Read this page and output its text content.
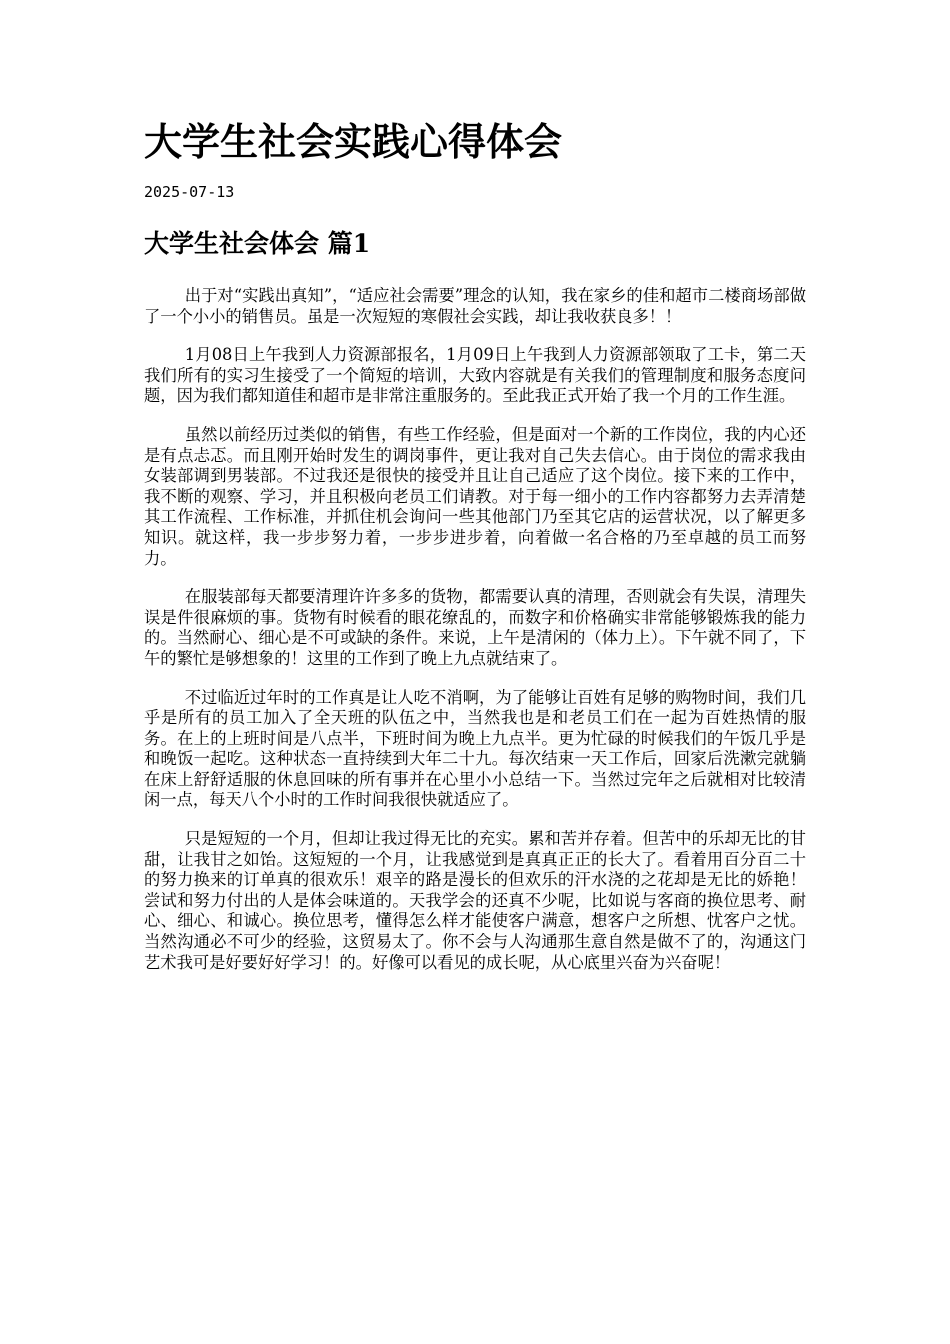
大学生社会实践心得体会
2025-07-13
大学生社会体会 篇1

出于对“实践出真知”，“适应社会需要”理念的认知，我在家乡的佳和超市二楼商场部做了一个小小的销售员。虽是一次短短的寒假社会实践，却让我收获良多！！

1月08日上午我到人力资源部报名，1月09日上午我到人力资源部领取了工卡，第二天我们所有的实习生接受了一个简短的培训，大致内容就是有关我们的管理制度和服务态度问题，因为我们都知道佳和超市是非常注重服务的。至此我正式开始了我一个月的工作生涯。

虽然以前经历过类似的销售，有些工作经验，但是面对一个新的工作岗位，我的内心还是有点忐忑。而且刚开始时发生的调岗事件，更让我对自己失去信心。由于岗位的需求我由女装部调到男装部。不过我还是很快的接受并且让自己适应了这个岗位。接下来的工作中，我不断的观察、学习，并且积极向老员工们请教。对于每一细小的工作内容都努力去弄清楚其工作流程、工作标准，并抓住机会询问一些其他部门乃至其它店的运营状况，以了解更多知识。就这样，我一步步努力着，一步步进步着，向着做一名合格的乃至卓越的员工而努力。

在服装部每天都要清理许许多多的货物，都需要认真的清理，否则就会有失误，清理失误是件很麻烦的事。货物有时候看的眼花缭乱的，而数字和价格确实非常能够锻炼我的能力的。当然耐心、细心是不可或缺的条件。来说，上午是清闲的（体力上）。下午就不同了，下午的繁忙是够想象的！这里的工作到了晚上九点就结束了。

不过临近过年时的工作真是让人吃不消啊，为了能够让百姓有足够的购物时间，我们几乎是所有的员工加入了全天班的队伍之中，当然我也是和老员工们在一起为百姓热情的服务。在上的上班时间是八点半，下班时间为晚上九点半。更为忙碌的时候我们的午饭几乎是和晚饭一起吃。这种状态一直持续到大年二十九。每次结束一天工作后，回家后洗漱完就躺在床上舒舒适服的休息回味的所有事并在心里小小总结一下。当然过完年之后就相对比较清闲一点，每天八个小时的工作时间我很快就适应了。

只是短短的一个月，但却让我过得无比的充实。累和苦并存着。但苦中的乐却无比的甘甜，让我甘之如饴。这短短的一个月，让我感觉到是真真正正的长大了。看着用百分百二十的努力换来的订单真的很欢乐！艰辛的路是漫长的但欢乐的汗水浇的之花却是无比的娇艳！尝试和努力付出的人是体会味道的。天我学会的还真不少呢，比如说与客商的换位思考、耐心、细心、和诚心。换位思考，懂得怎么样才能使客户满意，想客户之所想、忧客户之忧。当然沟通必不可少的经验，这贸易太了。你不会与人沟通那生意自然是做不了的，沟通这门艺术我可是好要好好学习！的。好像可以看见的成长呢，从心底里兴奋为兴奋呢！
